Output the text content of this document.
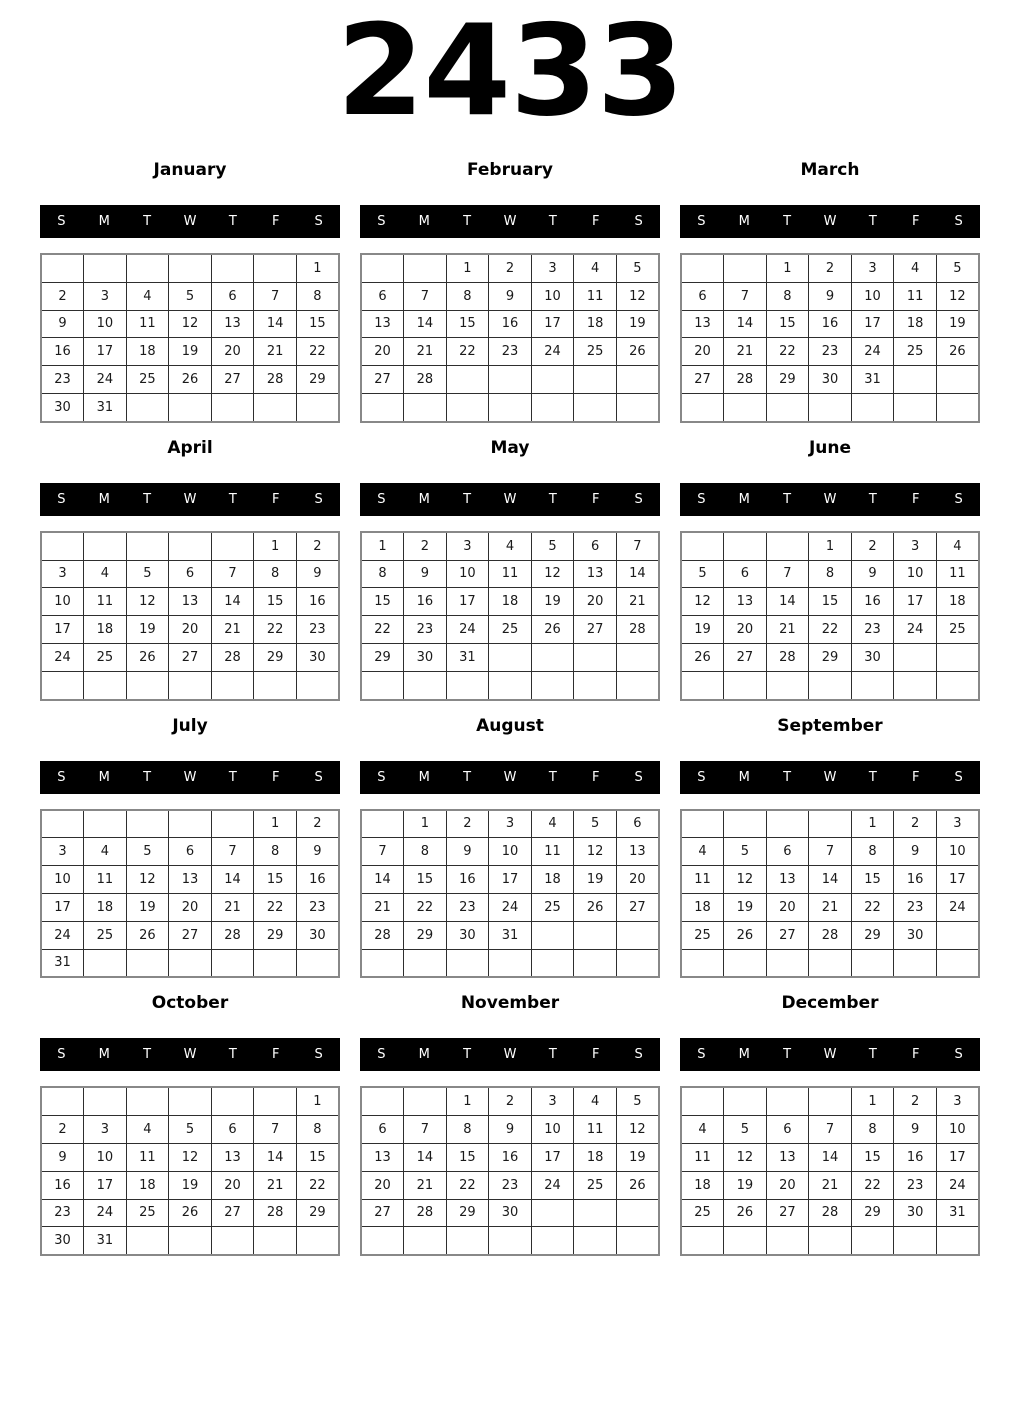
2433
January
S	M	T	W	T	F	S
						1
2	3	4	5	6	7	8
9	10	11	12	13	14	15
16	17	18	19	20	21	22
23	24	25	26	27	28	29
30	31					
February
S	M	T	W	T	F	S
		1	2	3	4	5
6	7	8	9	10	11	12
13	14	15	16	17	18	19
20	21	22	23	24	25	26
27	28					

March
S	M	T	W	T	F	S
		1	2	3	4	5
6	7	8	9	10	11	12
13	14	15	16	17	18	19
20	21	22	23	24	25	26
27	28	29	30	31		

April
S	M	T	W	T	F	S
					1	2
3	4	5	6	7	8	9
10	11	12	13	14	15	16
17	18	19	20	21	22	23
24	25	26	27	28	29	30

May
S	M	T	W	T	F	S
1	2	3	4	5	6	7
8	9	10	11	12	13	14
15	16	17	18	19	20	21
22	23	24	25	26	27	28
29	30	31				

June
S	M	T	W	T	F	S
			1	2	3	4
5	6	7	8	9	10	11
12	13	14	15	16	17	18
19	20	21	22	23	24	25
26	27	28	29	30		

July
S	M	T	W	T	F	S
					1	2
3	4	5	6	7	8	9
10	11	12	13	14	15	16
17	18	19	20	21	22	23
24	25	26	27	28	29	30
31						
August
S	M	T	W	T	F	S
	1	2	3	4	5	6
7	8	9	10	11	12	13
14	15	16	17	18	19	20
21	22	23	24	25	26	27
28	29	30	31			

September
S	M	T	W	T	F	S
				1	2	3
4	5	6	7	8	9	10
11	12	13	14	15	16	17
18	19	20	21	22	23	24
25	26	27	28	29	30	

October
S	M	T	W	T	F	S
						1
2	3	4	5	6	7	8
9	10	11	12	13	14	15
16	17	18	19	20	21	22
23	24	25	26	27	28	29
30	31					
November
S	M	T	W	T	F	S
		1	2	3	4	5
6	7	8	9	10	11	12
13	14	15	16	17	18	19
20	21	22	23	24	25	26
27	28	29	30			

December
S	M	T	W	T	F	S
				1	2	3
4	5	6	7	8	9	10
11	12	13	14	15	16	17
18	19	20	21	22	23	24
25	26	27	28	29	30	31
